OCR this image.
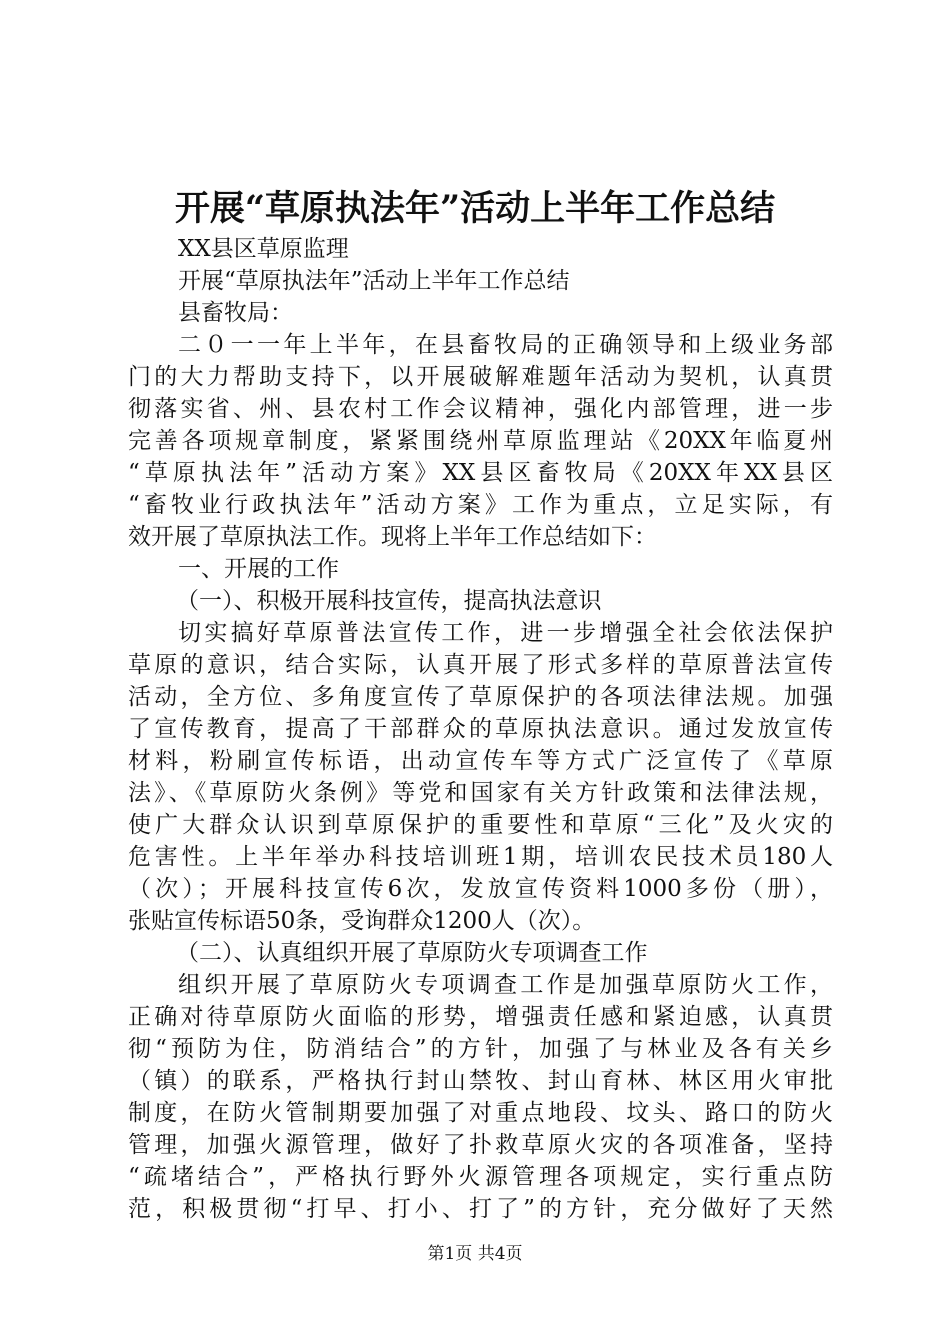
开展“草原执法年”活动上半年工作总结

XX县区草原监理

开展“草原执法年”活动上半年工作总结

县畜牧局：

二０一一年上半年，在县畜牧局的正确领导和上级业务部

门的大力帮助支持下，以开展破解难题年活动为契机，认真贯

彻落实省、州、县农村工作会议精神，强化内部管理，进一步

完善各项规章制度，紧紧围绕州草原监理站《20XX年临夏州

“草原执法年”活动方案》XX县区畜牧局《20XX年XX县区

“畜牧业行政执法年”活动方案》工作为重点，立足实际，有

效开展了草原执法工作。现将上半年工作总结如下：

一、开展的工作

（一）、积极开展科技宣传，提高执法意识

切实搞好草原普法宣传工作，进一步增强全社会依法保护

草原的意识，结合实际，认真开展了形式多样的草原普法宣传

活动，全方位、多角度宣传了草原保护的各项法律法规。加强

了宣传教育，提高了干部群众的草原执法意识。通过发放宣传

材料，粉刷宣传标语，出动宣传车等方式广泛宣传了《草原

法》、《草原防火条例》等党和国家有关方针政策和法律法规，

使广大群众认识到草原保护的重要性和草原“三化”及火灾的

危害性。上半年举办科技培训班1期，培训农民技术员180人

（次）；开展科技宣传6次，发放宣传资料1000多份（册），

张贴宣传标语50条，受询群众1200人（次）。

（二）、认真组织开展了草原防火专项调查工作

组织开展了草原防火专项调查工作是加强草原防火工作，

正确对待草原防火面临的形势，增强责任感和紧迫感，认真贯

彻“预防为住，防消结合”的方针，加强了与林业及各有关乡

（镇）的联系，严格执行封山禁牧、封山育林、林区用火审批

制度，在防火管制期要加强了对重点地段、坟头、路口的防火

管理，加强火源管理，做好了扑救草原火灾的各项准备，坚持

“疏堵结合”，严格执行野外火源管理各项规定，实行重点防

范，积极贯彻“打早、打小、打了”的方针，充分做好了天然

第1页 共4页
